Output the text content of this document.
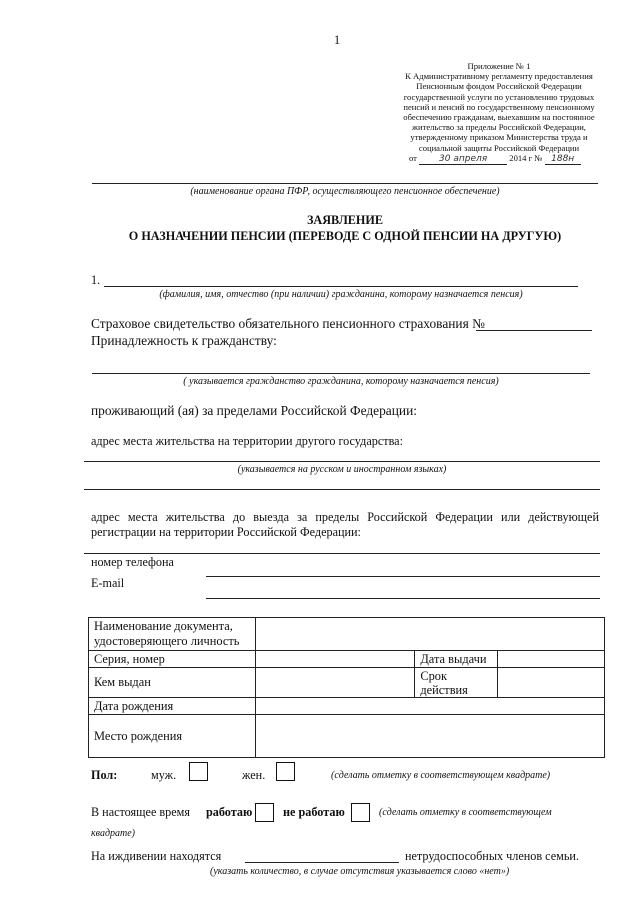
1
Приложение № 1
К Административному регламенту предоставления
Пенсионным фондом Российской Федерации
государственной услуги по установлению трудовых
пенсий и пенсий по государственному пенсионному
обеспечению гражданам, выехавшим на постоянное
жительство за пределы Российской Федерации,
утвержденному приказом Министерства труда и
социальной защиты Российской Федерации
от 30 апреля	2014 г № 188н
(наименование органа ПФР, осуществляющего пенсионное обеспечение)
ЗАЯВЛЕНИЕ
О НАЗНАЧЕНИИ ПЕНСИИ (ПЕРЕВОДЕ С ОДНОЙ ПЕНСИИ НА ДРУГУЮ)
1.
(фамилия, имя, отчество (при наличии) гражданина, которому назначается пенсия)
Страховое свидетельство обязательного пенсионного страхования №
Принадлежность к гражданству:
( указывается гражданство гражданина, которому назначается пенсия)
проживающий (ая) за пределами Российской Федерации:
адрес места жительства на территории другого государства:
(указывается на русском и иностранном языках)
адрес места жительства до выезда за пределы Российской Федерации или действующей регистрации на территории Российской Федерации:
номер телефона
E-mail
Наименование документа, удостоверяющего личность			
Серия, номер		Дата выдачи	
Кем выдан		Срок действия	
Дата рождения			
Место рождения			
Пол:	муж.	жен.	(сделать отметку в соответствующем квадрате)
В настоящее время работаю	не работаю	(сделать отметку в соответствующем
квадрате)
На иждивении находятся	нетрудоспособных членов семьи.
(указать количество, в случае отсутствия указывается слово «нет»)
